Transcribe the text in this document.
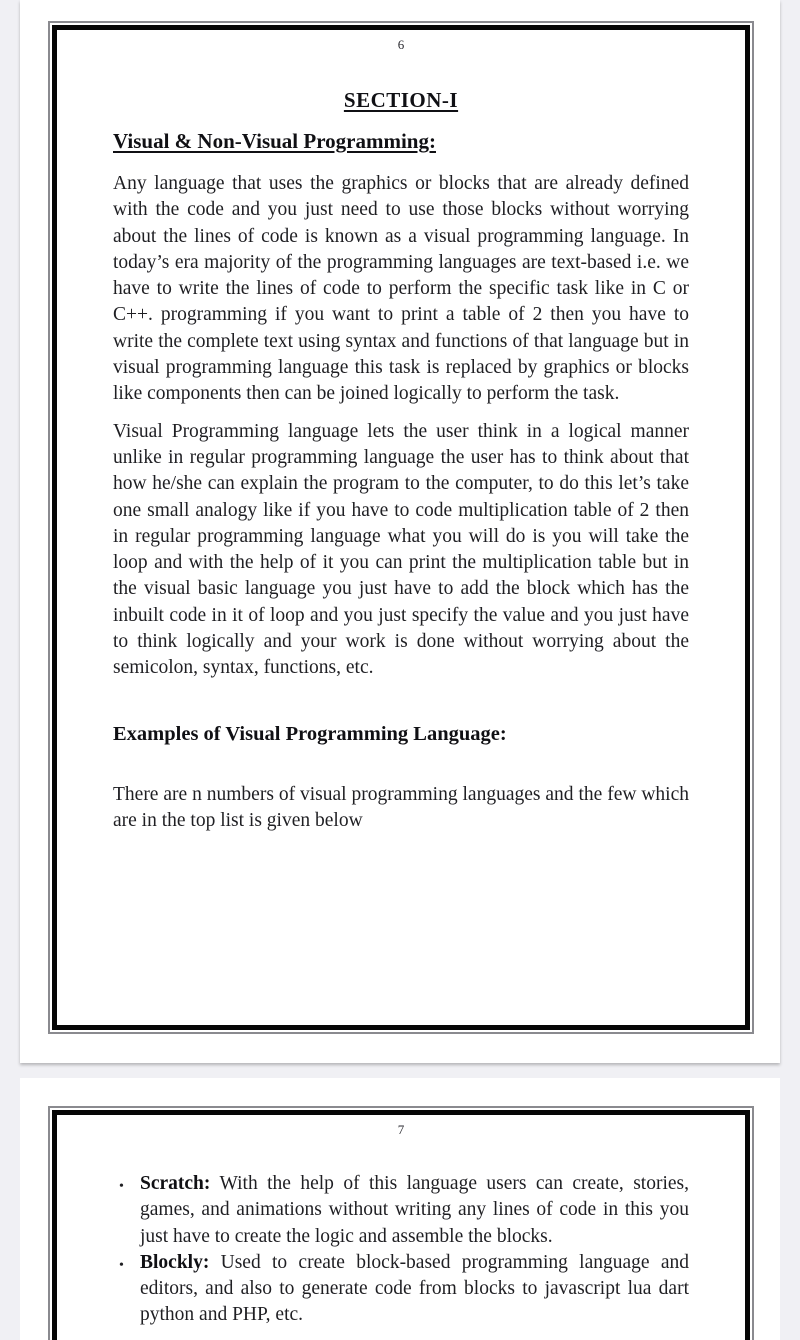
6
SECTION-I
Visual & Non-Visual Programming:

Any language that uses the graphics or blocks that are already defined with the code and you just need to use those blocks without worrying about the lines of code is known as a visual programming language. In today’s era majority of the programming languages are text-based i.e. we have to write the lines of code to perform the specific task like in C or C++. programming if you want to print a table of 2 then you have to write the complete text using syntax and functions of that language but in visual programming language this task is replaced by graphics or blocks like components then can be joined logically to perform the task.

Visual Programming language lets the user think in a logical manner unlike in regular programming language the user has to think about that how he/she can explain the program to the computer, to do this let’s take one small analogy like if you have to code multiplication table of 2 then in regular programming language what you will do is you will take the loop and with the help of it you can print the multiplication table but in the visual basic language you just have to add the block which has the inbuilt code in it of loop and you just specify the value and you just have to think logically and your work is done without worrying about the semicolon, syntax, functions, etc.

Examples of Visual Programming Language:

There are n numbers of visual programming languages and the few which are in the top list is given below

7
• Scratch: With the help of this language users can create, stories, games, and animations without writing any lines of code in this you just have to create the logic and assemble the blocks.
• Blockly: Used to create block-based programming language and editors, and also to generate code from blocks to javascript lua dart python and PHP, etc.
